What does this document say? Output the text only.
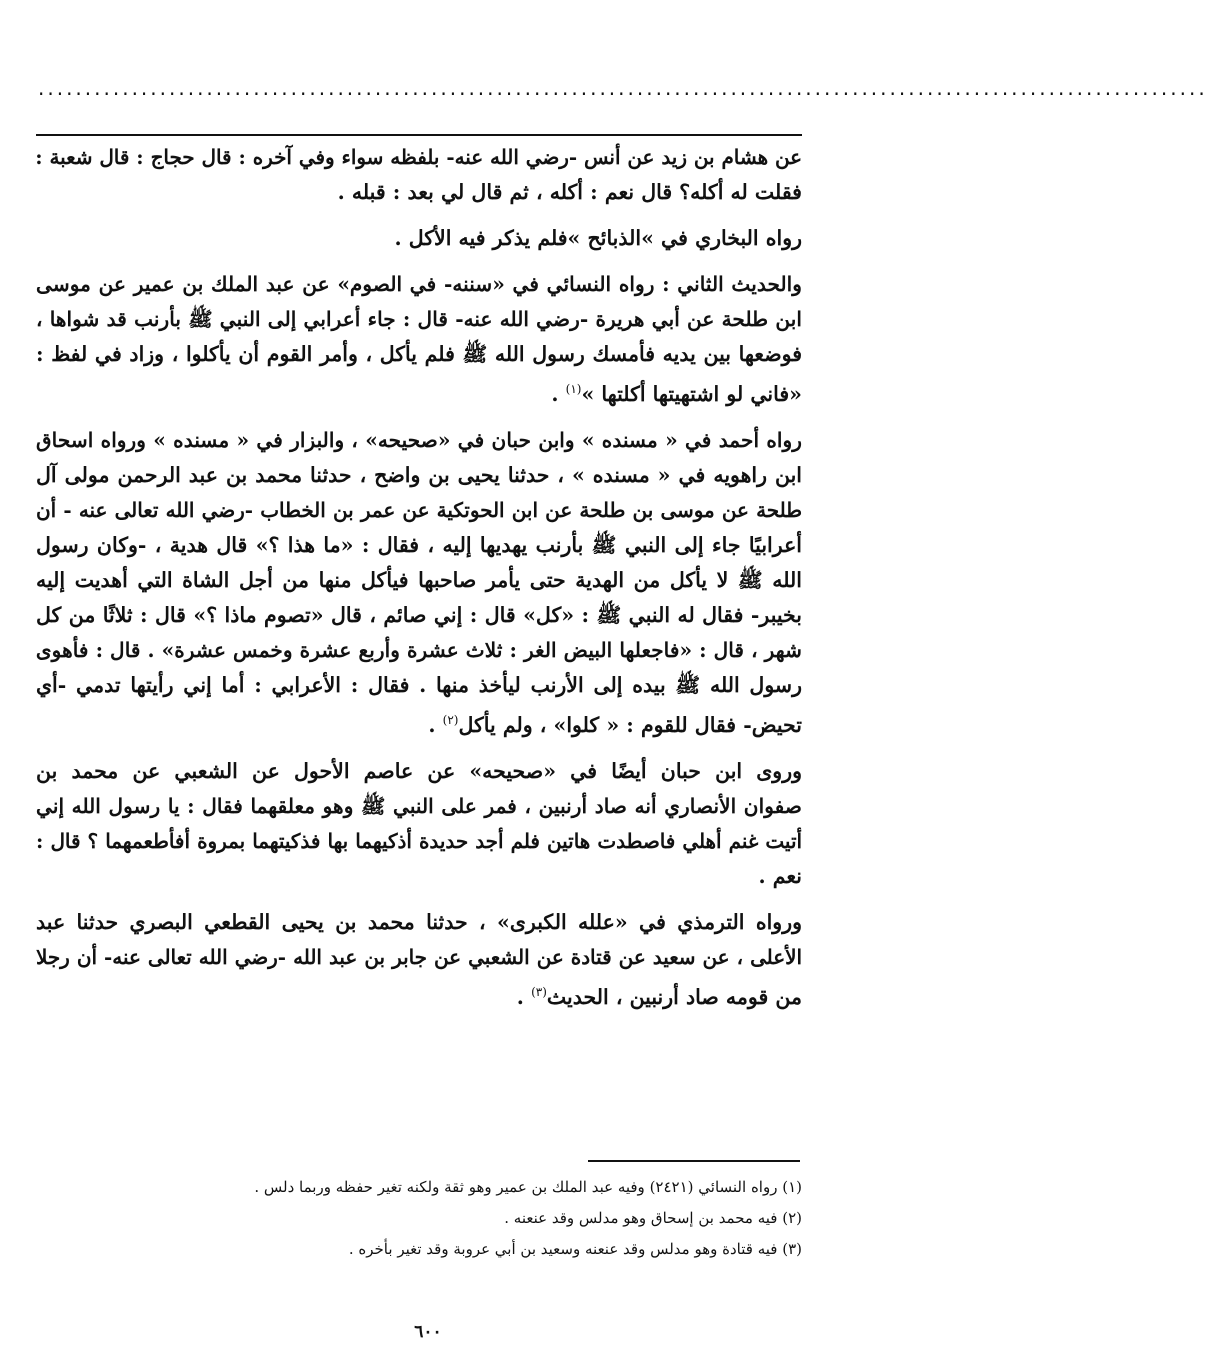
.............................................................................................................................
عن هشام بن زيد عن أنس -رضي الله عنه- بلفظه سواء وفي آخره : قال حجاج : قال شعبة :
فقلت له أكله؟ قال نعم : أكله ، ثم قال لي بعد : قبله .
رواه البخاري في »الذبائح »فلم يذكر فيه الأكل .
والحديث الثاني : رواه النسائي في «سننه- في الصوم» عن عبد الملك بن عمير عن موسى
ابن طلحة عن أبي هريرة -رضي الله عنه- قال : جاء أعرابي إلى النبي ﷺ بأرنب قد شواها ،
فوضعها بين يديه فأمسك رسول الله ﷺ فلم يأكل ، وأمر القوم أن يأكلوا ، وزاد في لفظ :
«فاني لو اشتهيتها أكلتها »$^{(١)}$ .
رواه أحمد في « مسنده » وابن حبان في «صحيحه» ، والبزار في « مسنده » ورواه اسحاق
ابن راهويه في « مسنده » ، حدثنا يحيى بن واضح ، حدثنا محمد بن عبد الرحمن مولى آل
طلحة عن موسى بن طلحة عن ابن الحوتكية عن عمر بن الخطاب -رضي الله تعالى عنه - أن
أعرابيًا جاء إلى النبي ﷺ بأرنب يهديها إليه ، فقال : «ما هذا ؟» قال هدية ، -وكان رسول
الله ﷺ لا يأكل من الهدية حتى يأمر صاحبها فيأكل منها من أجل الشاة التي أهديت إليه
بخيبر- فقال له النبي ﷺ : «كل» قال : إني صائم ، قال «تصوم ماذا ؟» قال : ثلاثًا من كل
شهر ، قال : «فاجعلها البيض الغر : ثلاث عشرة وأربع عشرة وخمس عشرة» . قال : فأهوى
رسول الله ﷺ بيده إلى الأرنب ليأخذ منها . فقال : الأعرابي : أما إني رأيتها تدمي -أي
تحيض- فقال للقوم : « كلوا» ، ولم يأكل$^{(٢)}$ .
وروى ابن حبان أيضًا في «صحيحه» عن عاصم الأحول عن الشعبي عن محمد بن
صفوان الأنصاري أنه صاد أرنبين ، فمر على النبي ﷺ وهو معلقهما فقال : يا رسول الله إني
أتيت غنم أهلي فاصطدت هاتين فلم أجد حديدة أذكيهما بها فذكيتهما بمروة أفأطعمهما ؟ قال :
نعم .
ورواه الترمذي في «علله الكبرى» ، حدثنا محمد بن يحيى القطعي البصري حدثنا عبد
الأعلى ، عن سعيد عن قتادة عن الشعبي عن جابر بن عبد الله -رضي الله تعالى عنه- أن رجلا
من قومه صاد أرنبين ، الحديث$^{(٣)}$ .
(١) رواه النسائي (٢٤٢١) وفيه عبد الملك بن عمير وهو ثقة ولكنه تغير حفظه وربما دلس .
(٢) فيه محمد بن إسحاق وهو مدلس وقد عنعنه .
(٣) فيه قتادة وهو مدلس وقد عنعنه وسعيد بن أبي عروبة وقد تغير بأخره .
٦٠٠
